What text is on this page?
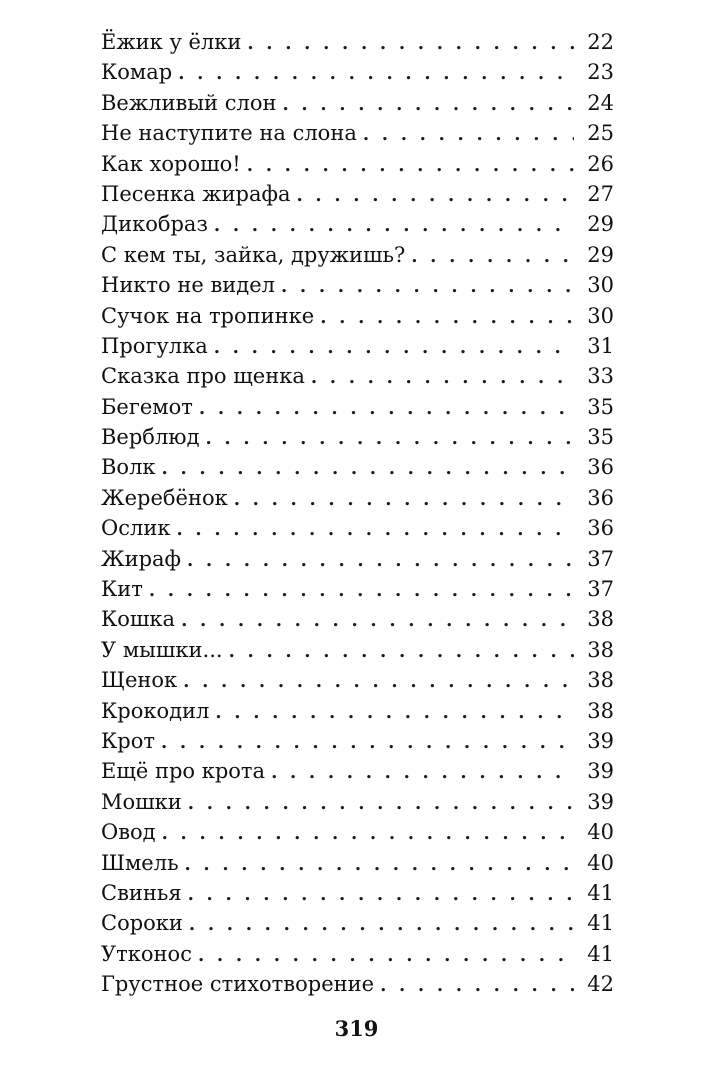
Ёжик у ёлки . . .	22
Комар . . .	23
Вежливый слон . . .	24
Не наступите на слона . . .	25
Как хорошо! . . .	26
Песенка жирафа . . .	27
Дикобраз . . .	29
С кем ты, зайка, дружишь? . . .	29
Никто не видел . . .	30
Сучок на тропинке . . .	30
Прогулка . . .	31
Сказка про щенка . . .	33
Бегемот . . .	35
Верблюд . . .	35
Волк . . .	36
Жеребёнок . . .	36
Ослик . . .	36
Жираф . . .	37
Кит . . .	37
Кошка . . .	38
У мышки... . . .	38
Щенок . . .	38
Крокодил . . .	38
Крот . . .	39
Ещё про крота . . .	39
Мошки . . .	39
Овод . . .	40
Шмель . . .	40
Свинья . . .	41
Сороки . . .	41
Утконос . . .	41
Грустное стихотворение . . .	42
319
